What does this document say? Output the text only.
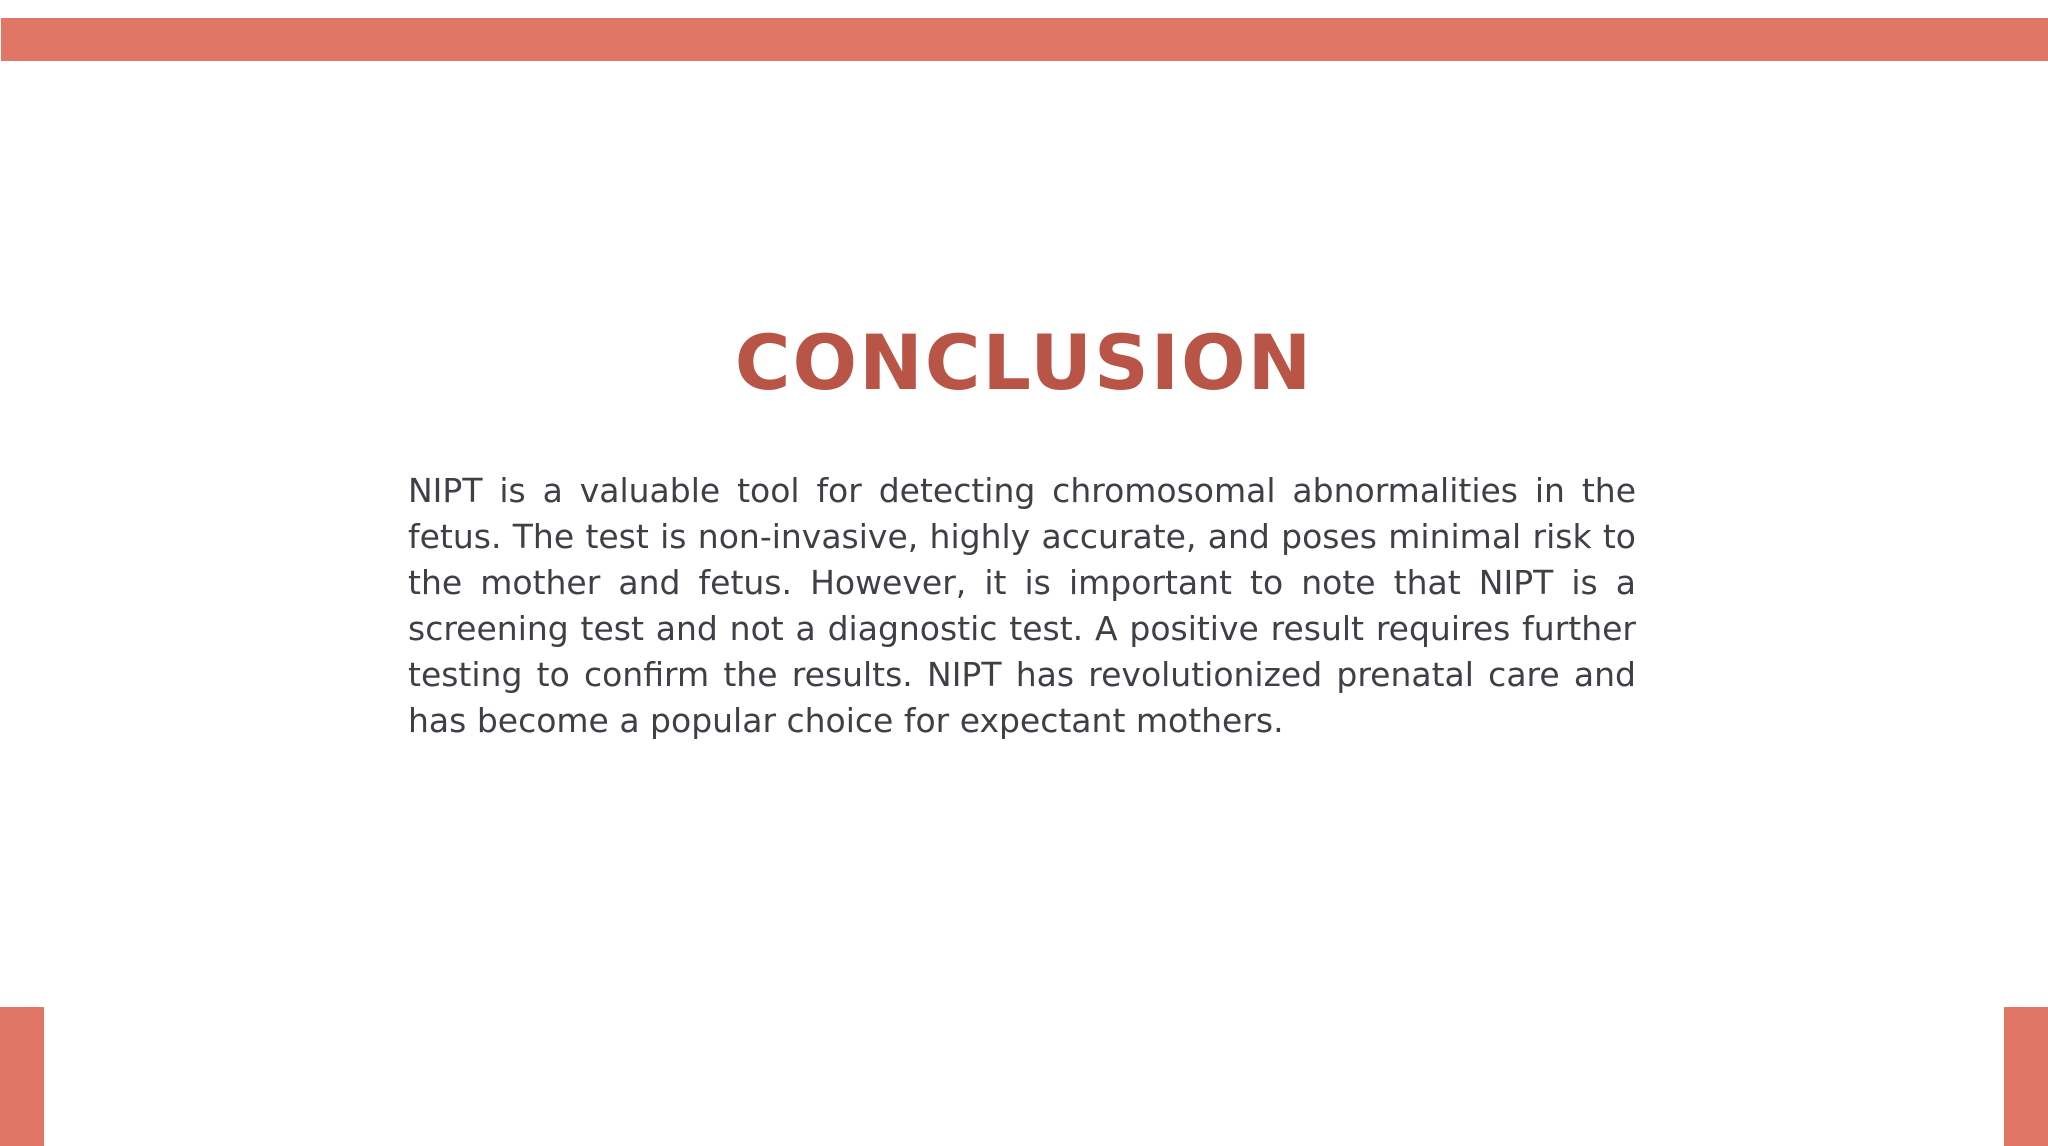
CONCLUSION

NIPT is a valuable tool for detecting chromosomal abnormalities in the fetus. The test is non-invasive, highly accurate, and poses minimal risk to the mother and fetus. However, it is important to note that NIPT is a screening test and not a diagnostic test. A positive result requires further testing to confirm the results. NIPT has revolutionized prenatal care and has become a popular choice for expectant mothers.
